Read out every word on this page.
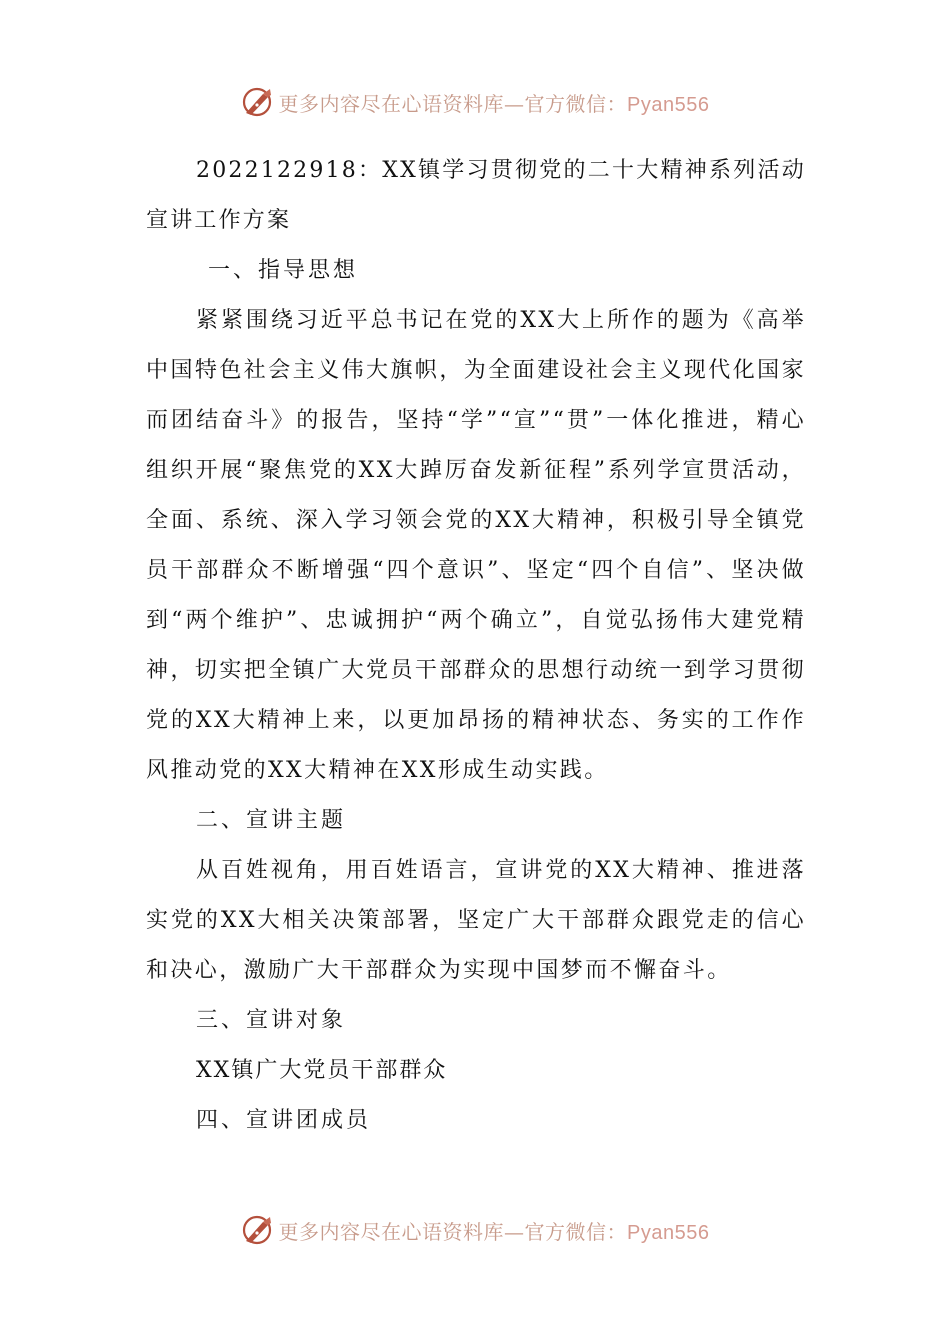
更多内容尽在心语资料库—官方微信：Pyan556

2022122918：XX镇学习贯彻党的二十大精神系列活动宣讲工作方案

一、指导思想

紧紧围绕习近平总书记在党的XX大上所作的题为《高举中国特色社会主义伟大旗帜，为全面建设社会主义现代化国家而团结奋斗》的报告，坚持“学”“宣”“贯”一体化推进，精心组织开展“聚焦党的XX大踔厉奋发新征程”系列学宣贯活动，全面、系统、深入学习领会党的XX大精神，积极引导全镇党员干部群众不断增强“四个意识”、坚定“四个自信”、坚决做到“两个维护”、忠诚拥护“两个确立”，自觉弘扬伟大建党精神，切实把全镇广大党员干部群众的思想行动统一到学习贯彻党的XX大精神上来，以更加昂扬的精神状态、务实的工作作风推动党的XX大精神在XX形成生动实践。

二、宣讲主题

从百姓视角，用百姓语言，宣讲党的XX大精神、推进落实党的XX大相关决策部署，坚定广大干部群众跟党走的信心和决心，激励广大干部群众为实现中国梦而不懈奋斗。

三、宣讲对象

XX镇广大党员干部群众

四、宣讲团成员

更多内容尽在心语资料库—官方微信：Pyan556
